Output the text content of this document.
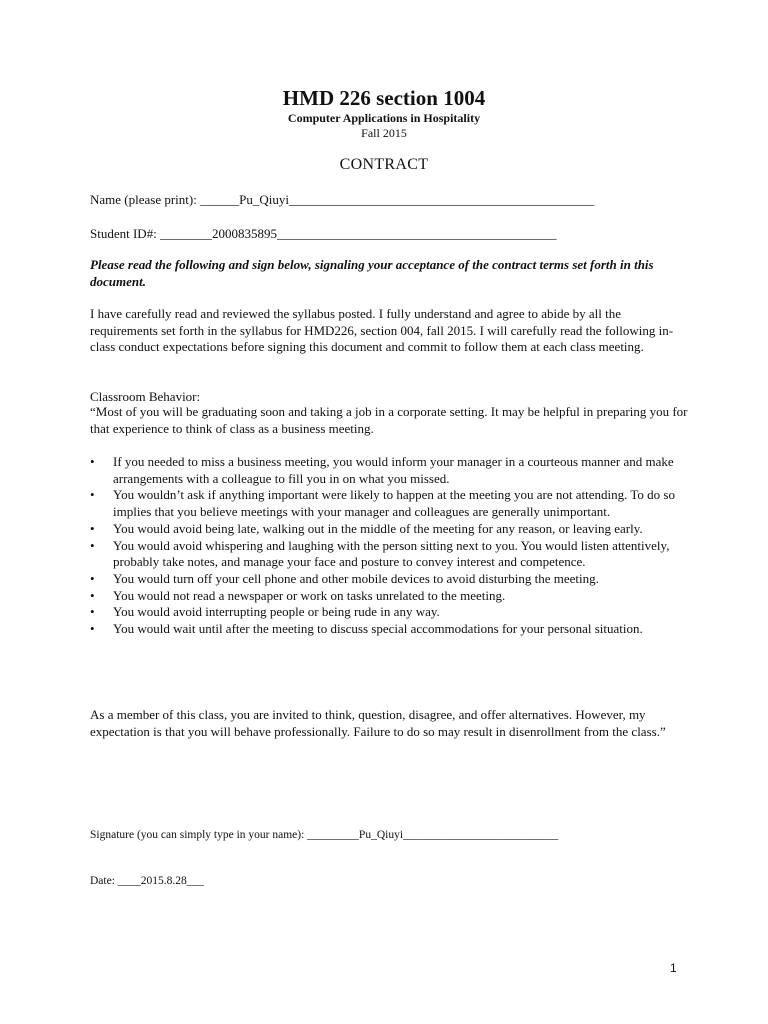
HMD 226 section 1004
Computer Applications in Hospitality
Fall 2015
CONTRACT
Name (please print): ______Pu_Qiuyi_______________________________________________
Student ID#: ________2000835895___________________________________________
Please read the following and sign below, signaling your acceptance of the contract terms set forth in this document.
I have carefully read and reviewed the syllabus posted. I fully understand and agree to abide by all the requirements set forth in the syllabus for HMD226, section 004, fall 2015. I will carefully read the following in-class conduct expectations before signing this document and commit to follow them at each class meeting.
Classroom Behavior:
“Most of you will be graduating soon and taking a job in a corporate setting. It may be helpful in preparing you for that experience to think of class as a business meeting.
• If you needed to miss a business meeting, you would inform your manager in a courteous manner and make arrangements with a colleague to fill you in on what you missed.
• You wouldn’t ask if anything important were likely to happen at the meeting you are not attending. To do so implies that you believe meetings with your manager and colleagues are generally unimportant.
• You would avoid being late, walking out in the middle of the meeting for any reason, or leaving early.
• You would avoid whispering and laughing with the person sitting next to you. You would listen attentively, probably take notes, and manage your face and posture to convey interest and competence.
• You would turn off your cell phone and other mobile devices to avoid disturbing the meeting.
• You would not read a newspaper or work on tasks unrelated to the meeting.
• You would avoid interrupting people or being rude in any way.
• You would wait until after the meeting to discuss special accommodations for your personal situation.
As a member of this class, you are invited to think, question, disagree, and offer alternatives. However, my expectation is that you will behave professionally. Failure to do so may result in disenrollment from the class.”
Signature (you can simply type in your name): _________Pu_Qiuyi___________________________
Date: ____2015.8.28___
1
